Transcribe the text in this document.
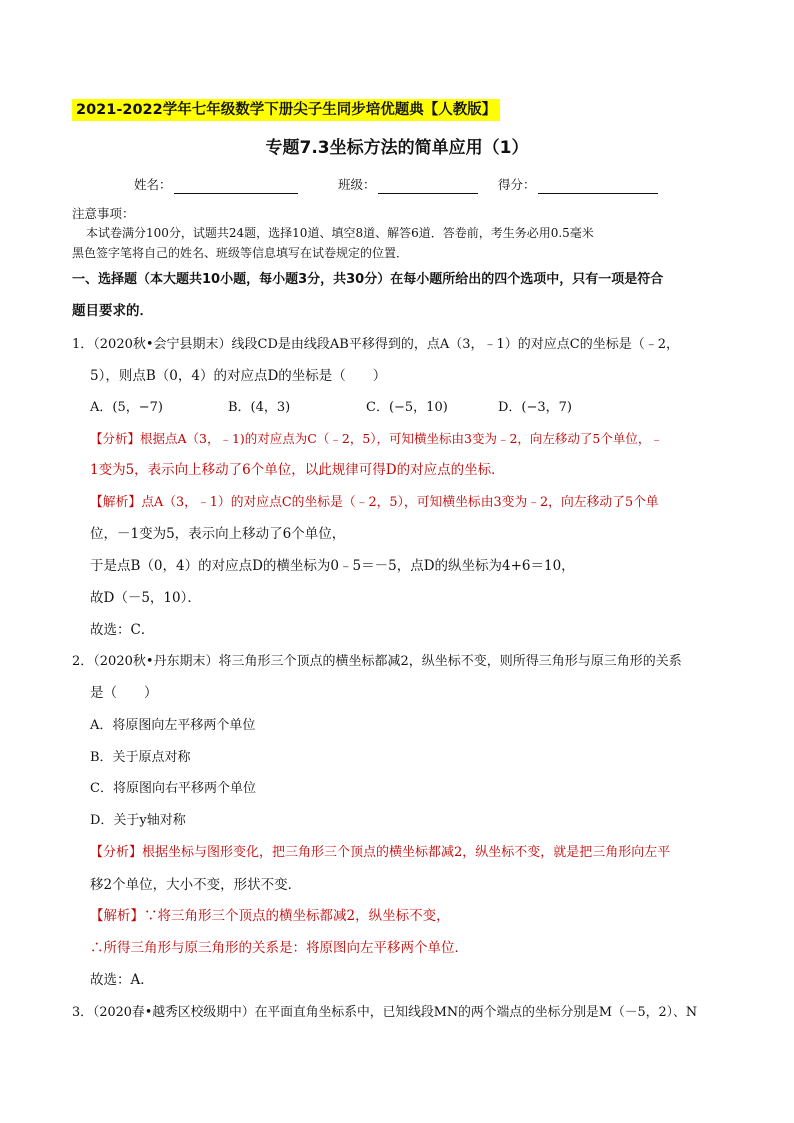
2021-2022学年七年级数学下册尖子生同步培优题典【人教版】
专题7.3坐标方法的简单应用（1）
姓名：	班级：	得分：
注意事项：
本试卷满分100分，试题共24题，选择10道、填空8道、解答6道．答卷前，考生务必用0.5毫米
黑色签字笔将自己的姓名、班级等信息填写在试卷规定的位置．
一、选择题（本大题共10小题，每小题3分，共30分）在每小题所给出的四个选项中，只有一项是符合
题目要求的．
1．（2020秋•会宁县期末）线段CD是由线段AB平移得到的，点A（3，﹣1）的对应点C的坐标是（﹣2，
5），则点B（0，4）的对应点D的坐标是（　　）
A．(5，−7)	B．(4，3)	C．(−5，10)	D．(−3，7)
【分析】根据点A（3，﹣1)的对应点为C（﹣2，5），可知横坐标由3变为﹣2，向左移动了5个单位，﹣
1变为5，表示向上移动了6个单位，以此规律可得D的对应点的坐标．
【解析】点A（3，﹣1）的对应点C的坐标是（﹣2，5），可知横坐标由3变为﹣2，向左移动了5个单
位，－1变为5，表示向上移动了6个单位，
于是点B（0，4）的对应点D的横坐标为0﹣5＝－5，点D的纵坐标为4+6＝10，
故D（－5，10）．
故选：C．
2．（2020秋•丹东期末）将三角形三个顶点的横坐标都减2，纵坐标不变，则所得三角形与原三角形的关系
是（　　）
A．将原图向左平移两个单位
B．关于原点对称
C．将原图向右平移两个单位
D．关于y轴对称
【分析】根据坐标与图形变化，把三角形三个顶点的横坐标都减2，纵坐标不变，就是把三角形向左平
移2个单位，大小不变，形状不变．
【解析】∵将三角形三个顶点的横坐标都减2，纵坐标不变，
∴所得三角形与原三角形的关系是：将原图向左平移两个单位．
故选：A．
3．（2020春•越秀区校级期中）在平面直角坐标系中，已知线段MN的两个端点的坐标分别是M（－5，2）、N
